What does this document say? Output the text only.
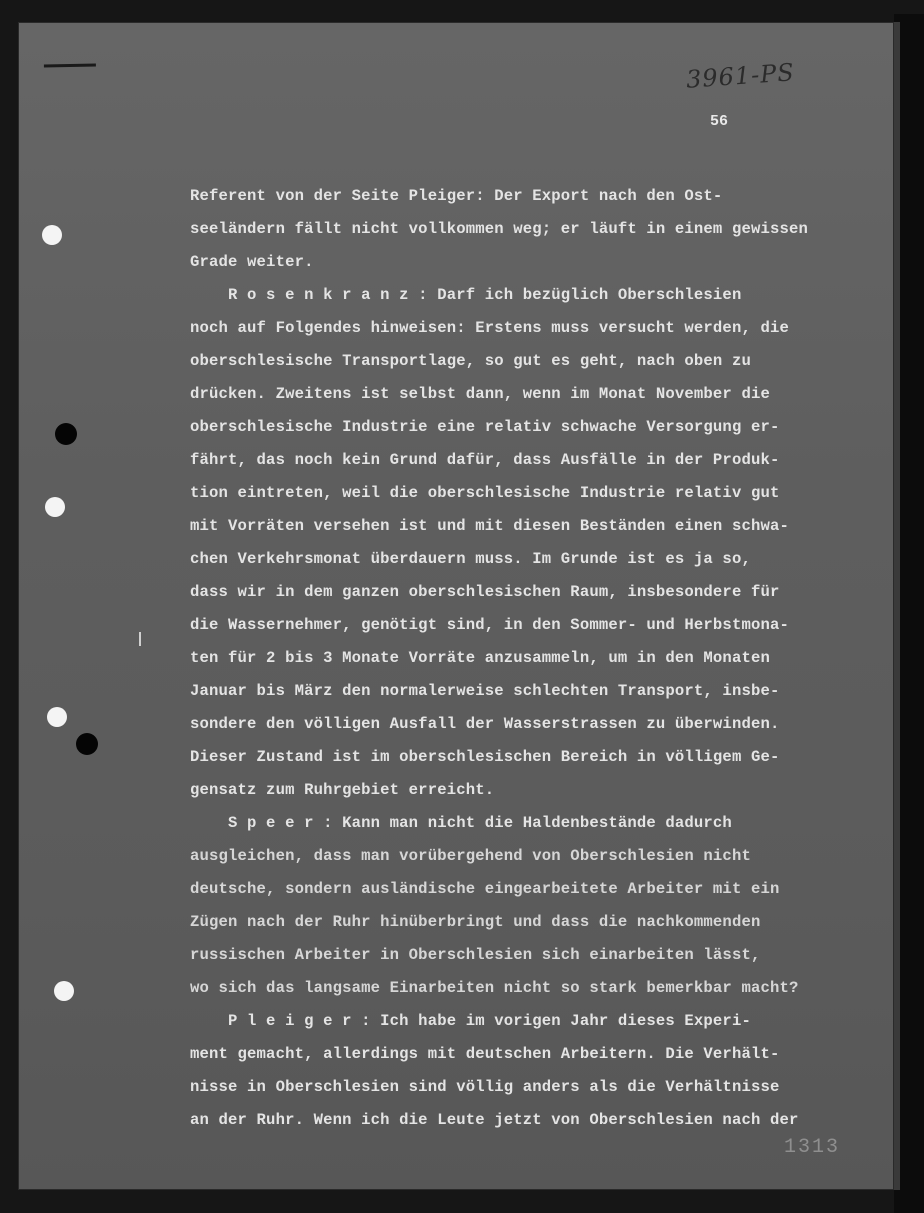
3961-PS
56
Referent von der Seite Pleiger: Der Export nach den Ost-
seeländern fällt nicht vollkommen weg; er läuft in einem gewissen
Grade weiter.
R o s e n k r a n z : Darf ich bezüglich Oberschlesien
noch auf Folgendes hinweisen: Erstens muss versucht werden, die
oberschlesische Transportlage, so gut es geht, nach oben zu
drücken. Zweitens ist selbst dann, wenn im Monat November die
oberschlesische Industrie eine relativ schwache Versorgung er-
fährt, das noch kein Grund dafür, dass Ausfälle in der Produk-
tion eintreten, weil die oberschlesische Industrie relativ gut
mit Vorräten versehen ist und mit diesen Beständen einen schwa-
chen Verkehrsmonat überdauern muss. Im Grunde ist es ja so,
dass wir in dem ganzen oberschlesischen Raum, insbesondere für
die Wassernehmer, genötigt sind, in den Sommer- und Herbstmona-
ten für 2 bis 3 Monate Vorräte anzusammeln, um in den Monaten
Januar bis März den normalerweise schlechten Transport, insbe-
sondere den völligen Ausfall der Wasserstrassen zu überwinden.
Dieser Zustand ist im oberschlesischen Bereich in völligem Ge-
gensatz zum Ruhrgebiet erreicht.
S p e e r : Kann man nicht die Haldenbestände dadurch
ausgleichen, dass man vorübergehend von Oberschlesien nicht
deutsche, sondern ausländische eingearbeitete Arbeiter mit ein
Zügen nach der Ruhr hinüberbringt und dass die nachkommenden
russischen Arbeiter in Oberschlesien sich einarbeiten lässt,
wo sich das langsame Einarbeiten nicht so stark bemerkbar macht?
P l e i g e r : Ich habe im vorigen Jahr dieses Experi-
ment gemacht, allerdings mit deutschen Arbeitern. Die Verhält-
nisse in Oberschlesien sind völlig anders als die Verhältnisse
an der Ruhr. Wenn ich die Leute jetzt von Oberschlesien nach der
1313
